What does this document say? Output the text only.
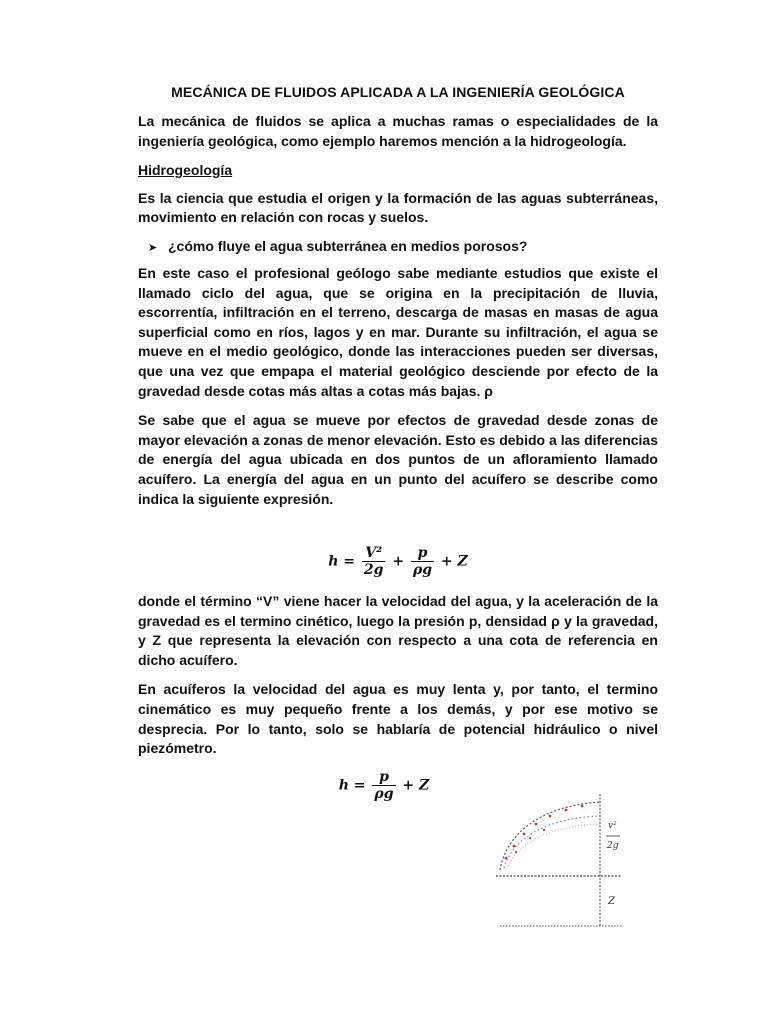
MECÁNICA DE FLUIDOS APLICADA A LA INGENIERÍA GEOLÓGICA

La mecánica de fluidos se aplica a muchas ramas o especialidades de la ingeniería geológica, como ejemplo haremos mención a la hidrogeología.

Hidrogeología

Es la ciencia que estudia el origen y la formación de las aguas subterráneas, movimiento en relación con rocas y suelos.

➤ ¿cómo fluye el agua subterránea en medios porosos?

En este caso el profesional geólogo sabe mediante estudios que existe el llamado ciclo del agua, que se origina en la precipitación de lluvia, escorrentía, infiltración en el terreno, descarga de masas en masas de agua superficial como en ríos, lagos y en mar. Durante su infiltración, el agua se mueve en el medio geológico, donde las interacciones pueden ser diversas, que una vez que empapa el material geológico desciende por efecto de la gravedad desde cotas más altas a cotas más bajas. ρ

Se sabe que el agua se mueve por efectos de gravedad desde zonas de mayor elevación a zonas de menor elevación. Esto es debido a las diferencias de energía del agua ubicada en dos puntos de un afloramiento llamado acuífero. La energía del agua en un punto del acuífero se describe como indica la siguiente expresión.

$h = \frac{\text{V²}}{2g} + \frac{p}{\rho g} + Z$

donde el término “V” viene hacer la velocidad del agua, y la aceleración de la gravedad es el termino cinético, luego la presión p, densidad ρ y la gravedad, y Z que representa la elevación con respecto a una cota de referencia en dicho acuífero.

En acuíferos la velocidad del agua es muy lenta y, por tanto, el termino cinemático es muy pequeño frente a los demás, y por ese motivo se desprecia. Por lo tanto, solo se hablaría de potencial hidráulico o nivel piezómetro.

$h = \frac{p}{\rho g} + Z$
v²
2g
Z
